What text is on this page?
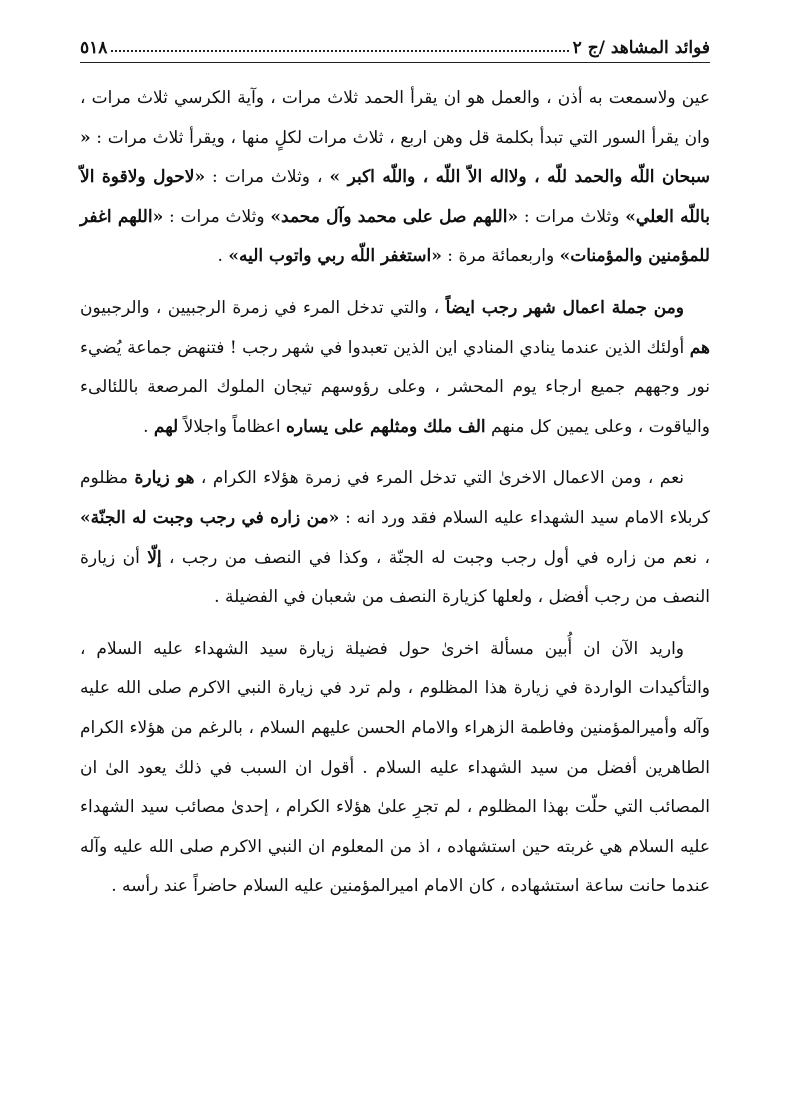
فوائد المشاهد /ج ٢
٥١٨

عين ولاسمعت به أذن ، والعمل هو ان يقرأ الحمد ثلاث مرات ، وآية الكرسي ثلاث مرات ، وان يقرأ السور التي تبدأ بكلمة قل وهن اربع ، ثلاث مرات لكلٍ منها ، ويقرأ ثلاث مرات : « سبحان اللّه والحمد للّه ، ولااله الاّ اللّه ، واللّه اكبر » ، وثلاث مرات : «لاحول ولاقوة الاّ باللّه العلي» وثلاث مرات : «اللهم صل على محمد وآل محمد» وثلاث مرات : «اللهم اغفر للمؤمنين والمؤمنات» واربعمائة مرة : «استغفر اللّه ربي واتوب اليه» .

ومن جملة اعمال شهر رجب ايضاً ، والتي تدخل المرء في زمرة الرجبيين ، والرجبيون هم أولئك الذين عندما ينادي المنادي اين الذين تعبدوا في شهر رجب ! فتنهض جماعة يُضيء نور وجههم جميع ارجاء يوم المحشر ، وعلى رؤوسهم تيجان الملوك المرصعة باللئالىء والياقوت ، وعلى يمين كل منهم الف ملك ومثلهم على يساره اعظاماً واجلالاً لهم .

نعم ، ومن الاعمال الاخرىٰ التي تدخل المرء في زمرة هؤلاء الكرام ، هو زيارة مظلوم كربلاء الامام سيد الشهداء عليه السلام فقد ورد انه : «من زاره في رجب وجبت له الجنّة» ، نعم من زاره في أول رجب وجبت له الجنّة ، وكذا في النصف من رجب ، إلّا أن زيارة النصف من رجب أفضل ، ولعلها كزيارة النصف من شعبان في الفضيلة .

واريد الآن ان أُبين مسألة اخرىٰ حول فضيلة زيارة سيد الشهداء عليه السلام ، والتأكيدات الواردة في زيارة هذا المظلوم ، ولم ترد في زيارة النبي الاكرم صلى الله عليه وآله وأميرالمؤمنين وفاطمة الزهراء والامام الحسن عليهم السلام ، بالرغم من هؤلاء الكرام الطاهرين أفضل من سيد الشهداء عليه السلام . أقول ان السبب في ذلك يعود الىٰ ان المصائب التي حلّت بهذا المظلوم ، لم تجرِ علىٰ هؤلاء الكرام ، إحدىٰ مصائب سيد الشهداء عليه السلام هي غربته حين استشهاده ، اذ من المعلوم ان النبي الاكرم صلى الله عليه وآله عندما حانت ساعة استشهاده ، كان الامام اميرالمؤمنين عليه السلام حاضراً عند رأسه .
